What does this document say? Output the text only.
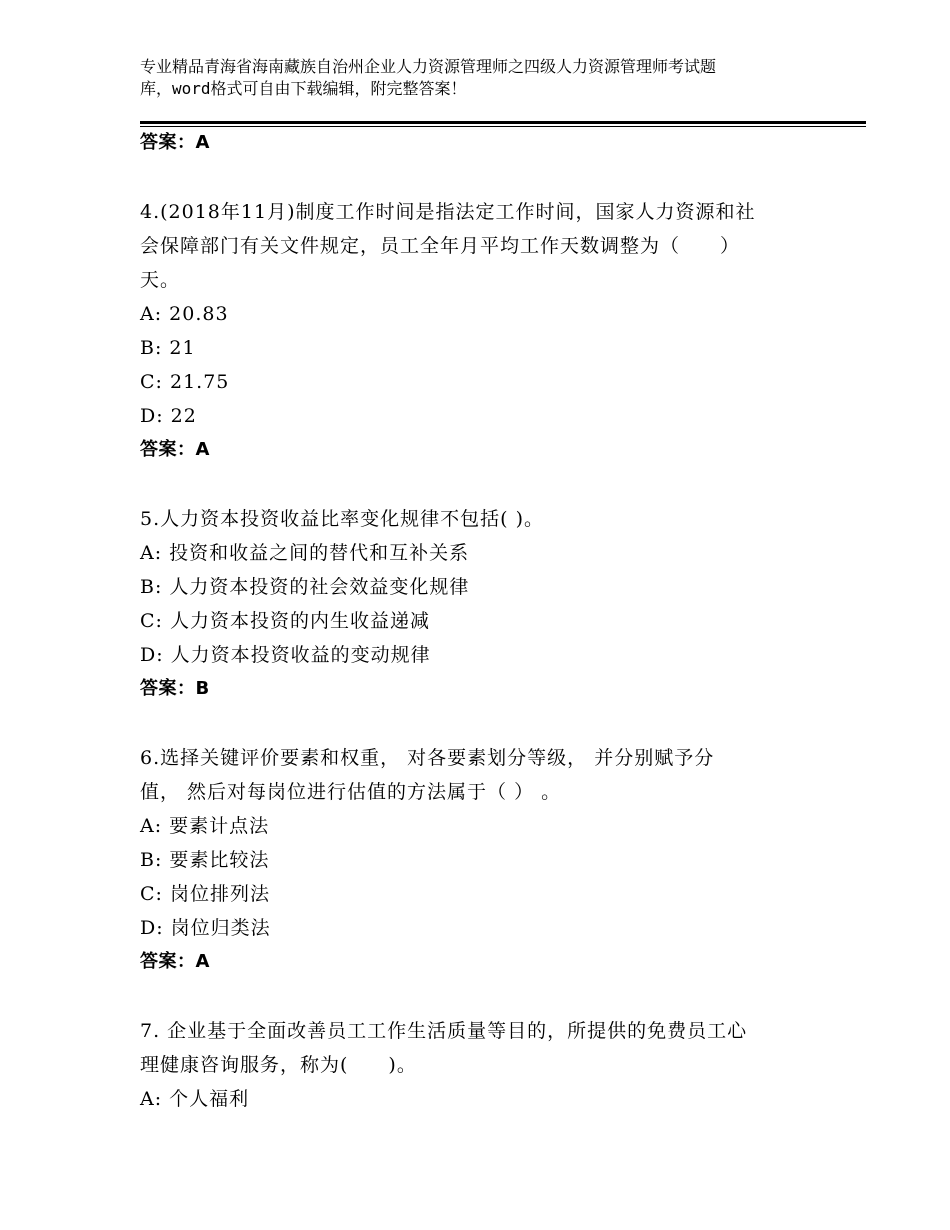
专业精品青海省海南藏族自治州企业人力资源管理师之四级人力资源管理师考试题
库，word格式可自由下载编辑，附完整答案！
答案：A
4.(2018年11月)制度工作时间是指法定工作时间，国家人力资源和社
会保障部门有关文件规定，员工全年月平均工作天数调整为（　　）
天。
A: 20.83
B: 21
C: 21.75
D: 22
答案：A
5.人力资本投资收益比率变化规律不包括( )。
A: 投资和收益之间的替代和互补关系
B: 人力资本投资的社会效益变化规律
C: 人力资本投资的内生收益递减
D: 人力资本投资收益的变动规律
答案：B
6.选择关键评价要素和权重， 对各要素划分等级， 并分别赋予分
值， 然后对每岗位进行估值的方法属于（ ） 。
A: 要素计点法
B: 要素比较法
C: 岗位排列法
D: 岗位归类法
答案：A
7. 企业基于全面改善员工工作生活质量等目的，所提供的免费员工心
理健康咨询服务，称为(　　)。
A: 个人福利
